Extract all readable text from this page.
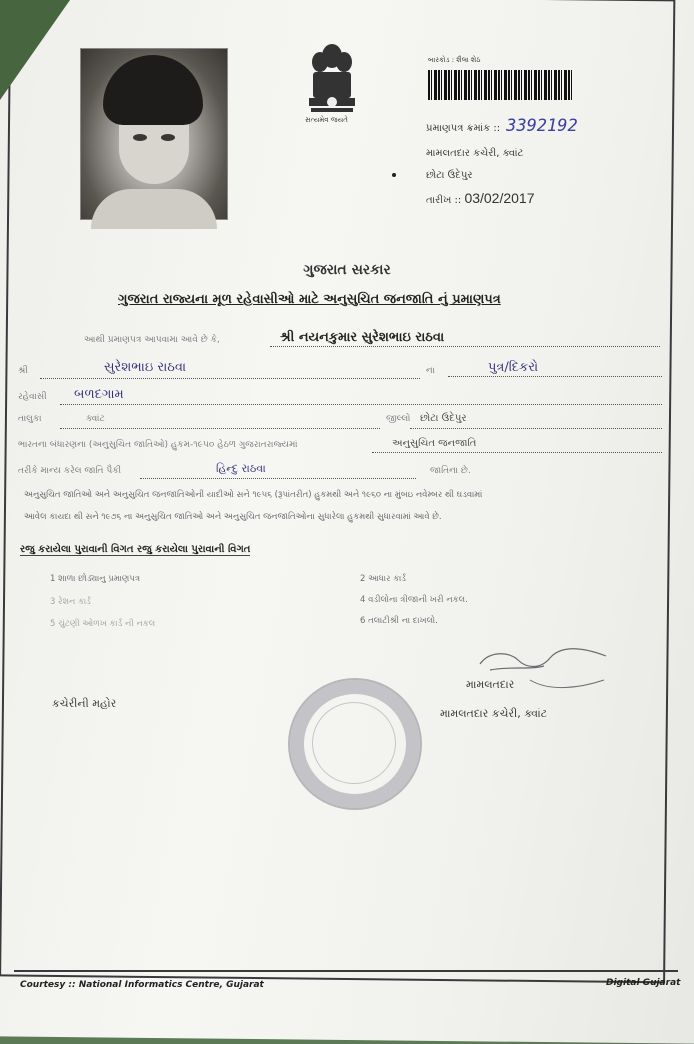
સત્યમેવ જયતે
બારકોડ : શૈલા શેઠ
પ્રમાણપત્ર ક્રમાંક :: 3392192
મામલતદાર કચેરી, ક્વાંટ
છોટા ઉદેપુર
તારીખ :: 03/02/2017
ગુજરાત સરકાર
ગુજરાત રાજ્યના મૂળ રહેવાસીઓ માટે અનુસુચિત જનજાતિ નું પ્રમાણપત્ર
આથી પ્રમાણપત્ર આપવામા આવે છે કે,	શ્રી નયનકુમાર સુરેશભાઇ રાઠવા
શ્રી	સુરેશભાઇ રાઠવા	ના	પુત્ર/દિકરો
રહેવાસી બળદગામ
તાલુકા	ક્વાંટ	જીલ્લો છોટા ઉદેપુર
ભારતના બંધારણના (અનુસુચિત જાતિઓ) હુકમ-૧૯૫૦ હેઠળ ગુજરાતરાજ્યમાં	અનુસુચિત જનજાતિ
તરીકે માન્ય કરેલ જાતિ પૈકી	હિન્દુ રાઠવા	જાતિના છે.
અનુસુચિત જાતિઓ અને અનુસુચિત જનજાતિઓની યાદીઓ સને ૧૯૫૬ (રૂપાંતરીત) હુકમથી અને ૧૯૬૦ ના મુંબઇ નવેમ્બર થી ઘડવામાં
આવેલ કાયદા થી સને ૧૯૭૬ ના અનુસુચિત જાતિઓ અને અનુસુચિત જનજાતિઓના સુધારેલા હુકમથી સુધારવામાં આવે છે.
રજુ કરાયેલા પુરાવાની વિગત રજુ કરાયેલા પુરાવાની વિગત
1 શાળા છોડ્યાનુ પ્રમાણપત્ર	2 આધાર કાર્ડ
3 રેશન કાર્ડ	4 વડીલોના ત્રીજાની ખરી નકલ.
5 ચુંટણી ઓળખ કાર્ડ ની નકલ	6 તલાટીશ્રી ના દાખલો.
કચેરીની મહોર
મામલતદાર
મામલતદાર કચેરી, ક્વાંટ
Courtesy :: National Informatics Centre, Gujarat	Digital Gujarat
